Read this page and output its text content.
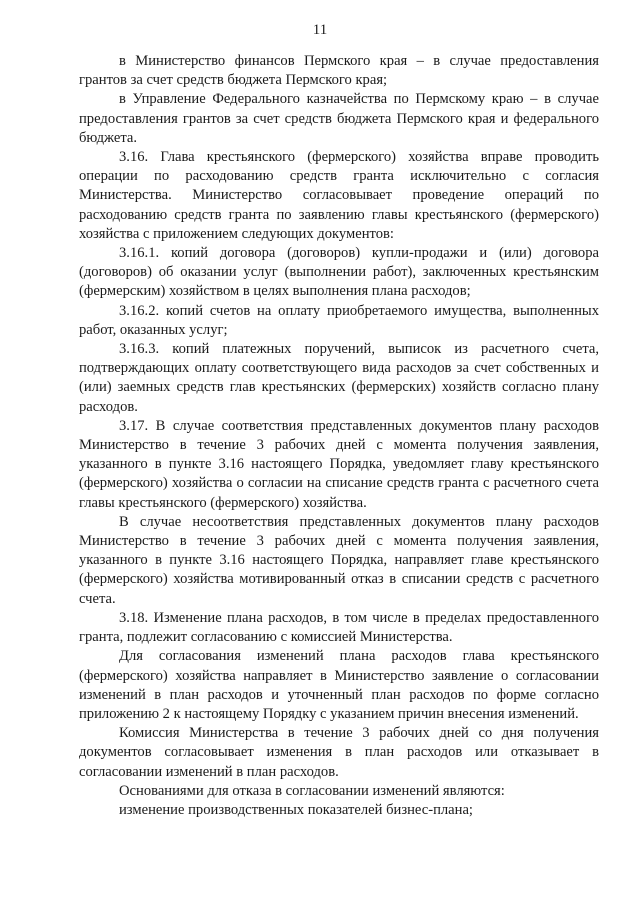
11

в Министерство финансов Пермского края – в случае предоставления грантов за счет средств бюджета Пермского края;

в Управление Федерального казначейства по Пермскому краю – в случае предоставления грантов за счет средств бюджета Пермского края и федерального бюджета.

3.16. Глава крестьянского (фермерского) хозяйства вправе проводить операции по расходованию средств гранта исключительно с согласия Министерства. Министерство согласовывает проведение операций по расходованию средств гранта по заявлению главы крестьянского (фермерского) хозяйства с приложением следующих документов:

3.16.1. копий договора (договоров) купли-продажи и (или) договора (договоров) об оказании услуг (выполнении работ), заключенных крестьянским (фермерским) хозяйством в целях выполнения плана расходов;

3.16.2. копий счетов на оплату приобретаемого имущества, выполненных работ, оказанных услуг;

3.16.3. копий платежных поручений, выписок из расчетного счета, подтверждающих оплату соответствующего вида расходов за счет собственных и (или) заемных средств глав крестьянских (фермерских) хозяйств согласно плану расходов.

3.17. В случае соответствия представленных документов плану расходов Министерство в течение 3 рабочих дней с момента получения заявления, указанного в пункте 3.16 настоящего Порядка, уведомляет главу крестьянского (фермерского) хозяйства о согласии на списание средств гранта с расчетного счета главы крестьянского (фермерского) хозяйства.

В случае несоответствия представленных документов плану расходов Министерство в течение 3 рабочих дней с момента получения заявления, указанного в пункте 3.16 настоящего Порядка, направляет главе крестьянского (фермерского) хозяйства мотивированный отказ в списании средств с расчетного счета.

3.18. Изменение плана расходов, в том числе в пределах предоставленного гранта, подлежит согласованию с комиссией Министерства.

Для согласования изменений плана расходов глава крестьянского (фермерского) хозяйства направляет в Министерство заявление о согласовании изменений в план расходов и уточненный план расходов по форме согласно приложению 2 к настоящему Порядку с указанием причин внесения изменений.

Комиссия Министерства в течение 3 рабочих дней со дня получения документов согласовывает изменения в план расходов или отказывает в согласовании изменений в план расходов.

Основаниями для отказа в согласовании изменений являются:

изменение производственных показателей бизнес-плана;
